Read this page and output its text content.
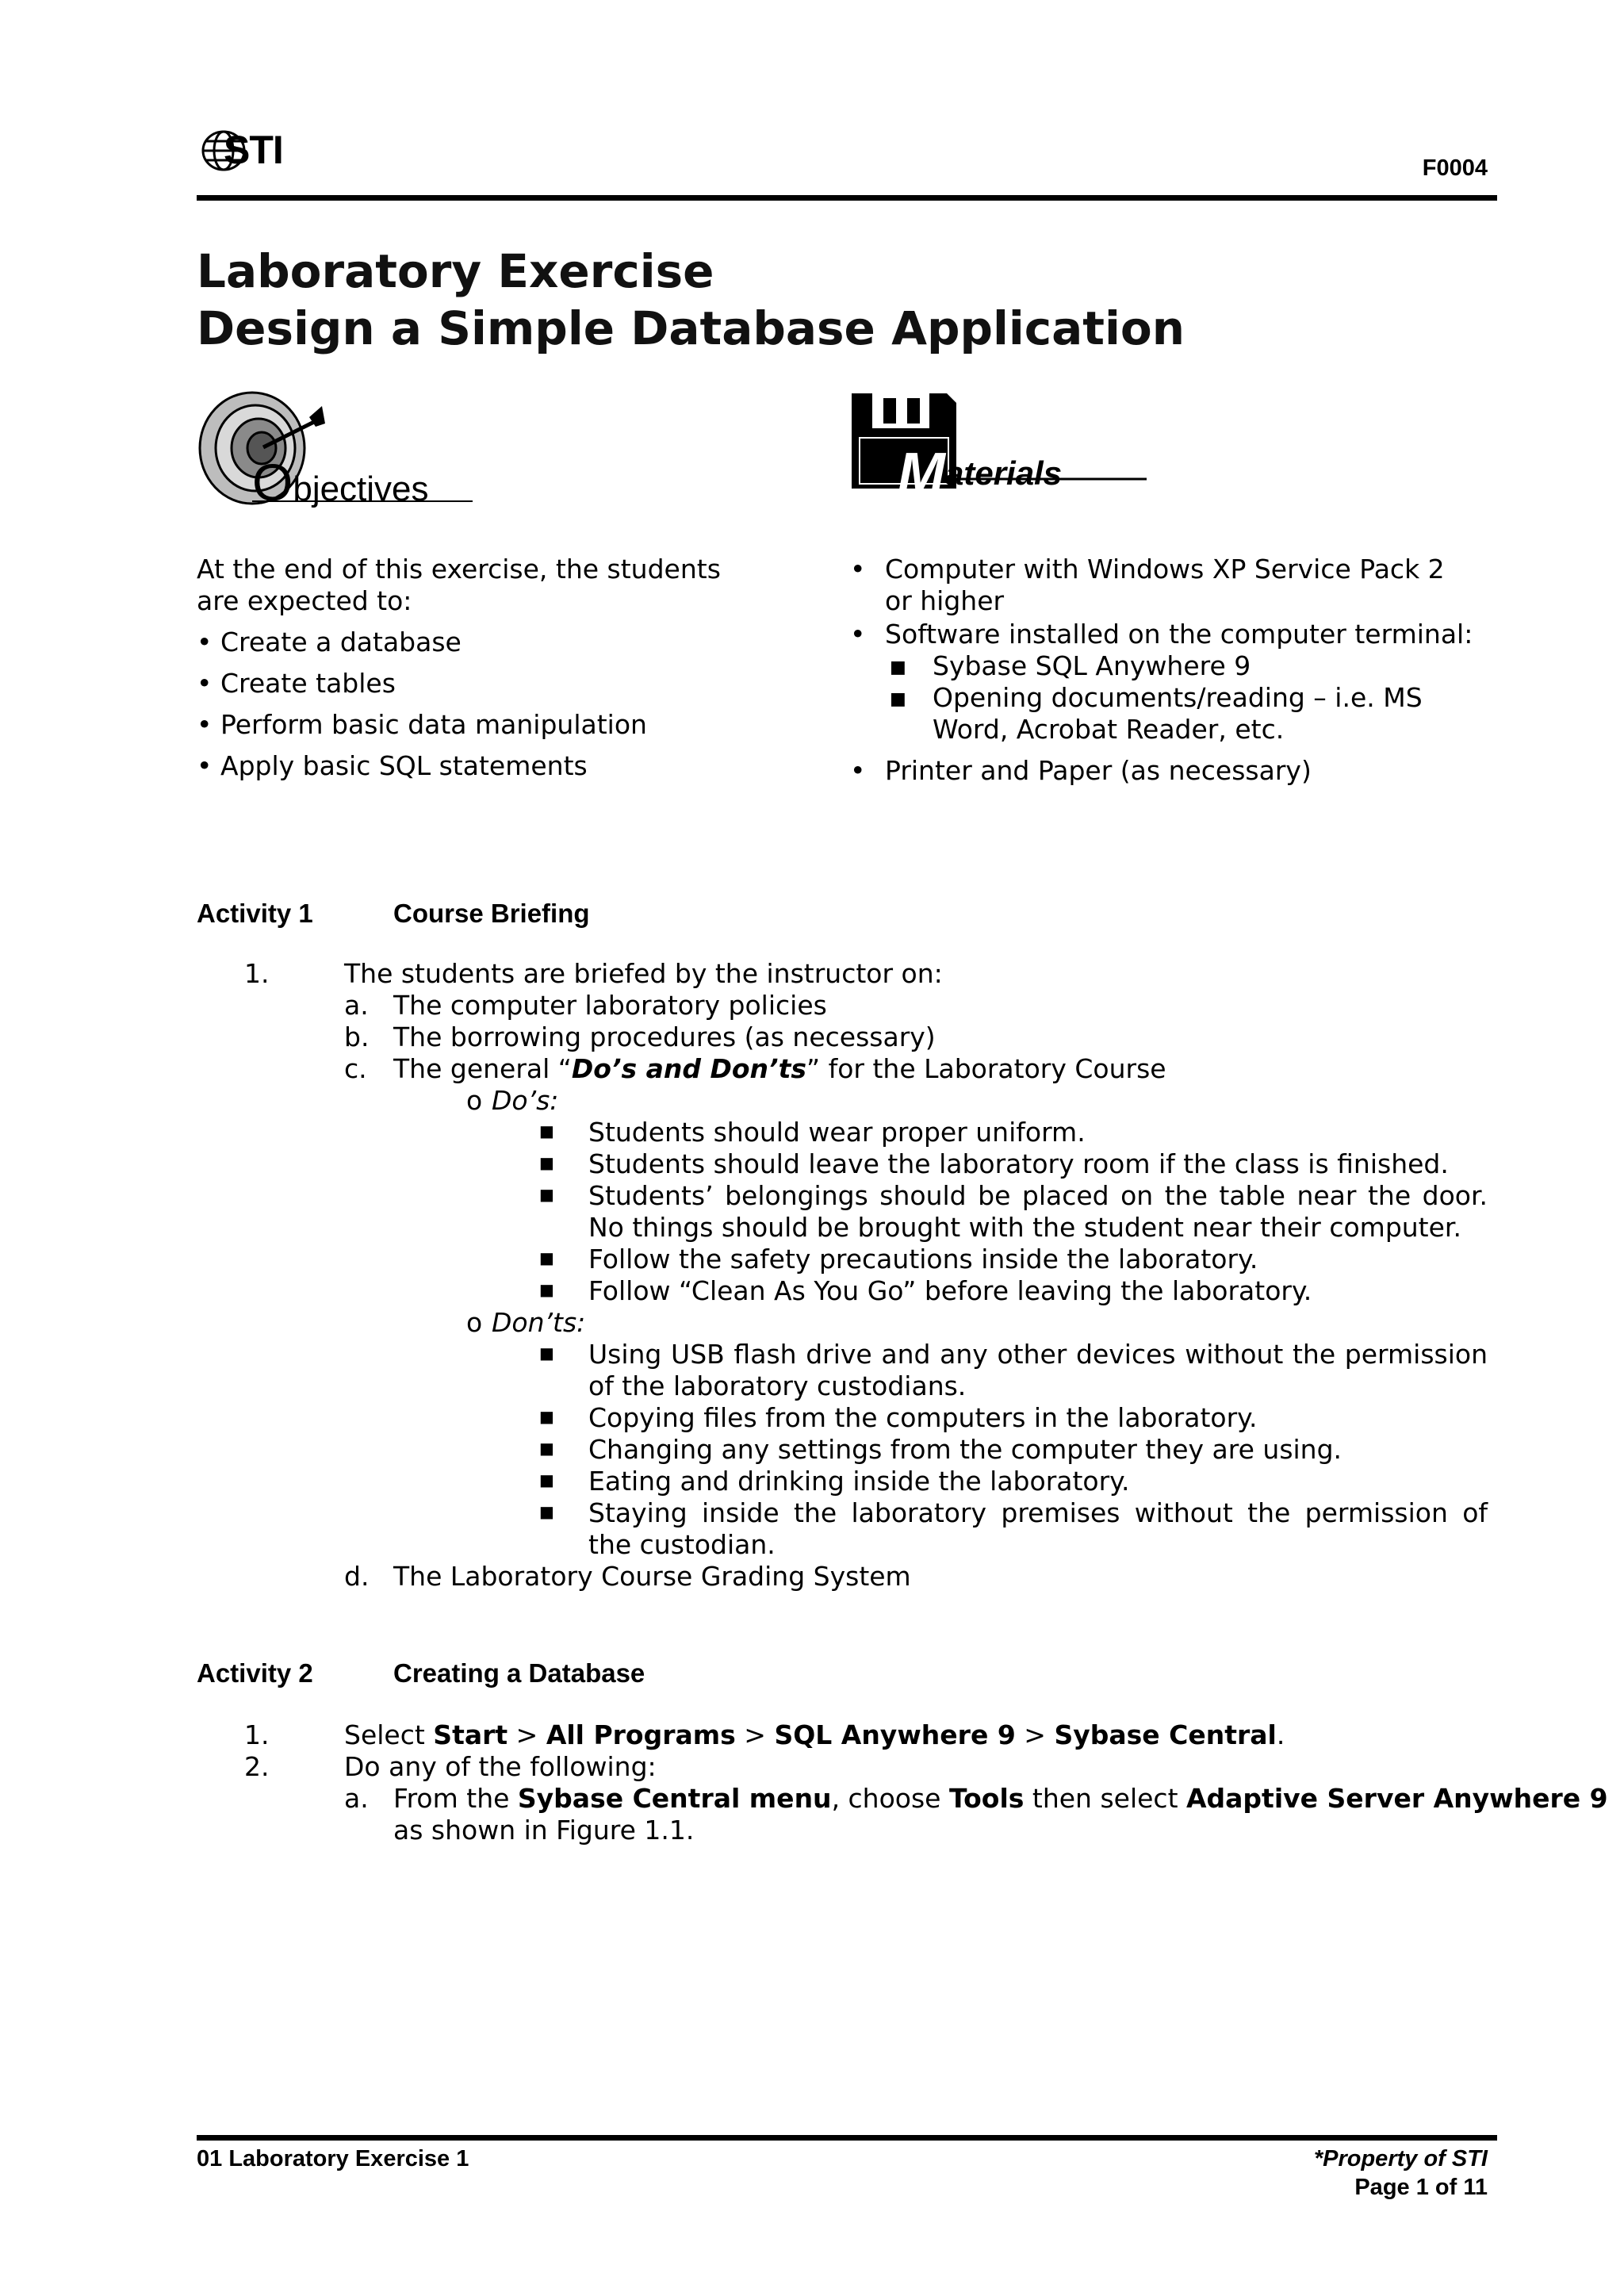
STI	F0004
Laboratory Exercise
Design a Simple Database Application
Objectives	Materials
At the end of this exercise, the students are expected to:
• Create a database
• Create tables
• Perform basic data manipulation
• Apply basic SQL statements
• Computer with Windows XP Service Pack 2 or higher
• Software installed on the computer terminal:
■ Sybase SQL Anywhere 9
■ Opening documents/reading – i.e. MS Word, Acrobat Reader, etc.
• Printer and Paper (as necessary)
Activity 1	Course Briefing
1.	The students are briefed by the instructor on:
a. The computer laboratory policies
b. The borrowing procedures (as necessary)
c. The general “Do’s and Don’ts” for the Laboratory Course
o Do’s:
■ Students should wear proper uniform.
■ Students should leave the laboratory room if the class is finished.
■ Students’ belongings should be placed on the table near the door. No things should be brought with the student near their computer.
■ Follow the safety precautions inside the laboratory.
■ Follow “Clean As You Go” before leaving the laboratory.
o Don’ts:
■ Using USB flash drive and any other devices without the permission of the laboratory custodians.
■ Copying files from the computers in the laboratory.
■ Changing any settings from the computer they are using.
■ Eating and drinking inside the laboratory.
■ Staying inside the laboratory premises without the permission of the custodian.
d. The Laboratory Course Grading System
Activity 2	Creating a Database
1.	Select Start > All Programs > SQL Anywhere 9 > Sybase Central.
2.	Do any of the following:
a. From the Sybase Central menu, choose Tools then select Adaptive Server Anywhere 9
as shown in Figure 1.1.
01 Laboratory Exercise 1	*Property of STI
Page 1 of 11
